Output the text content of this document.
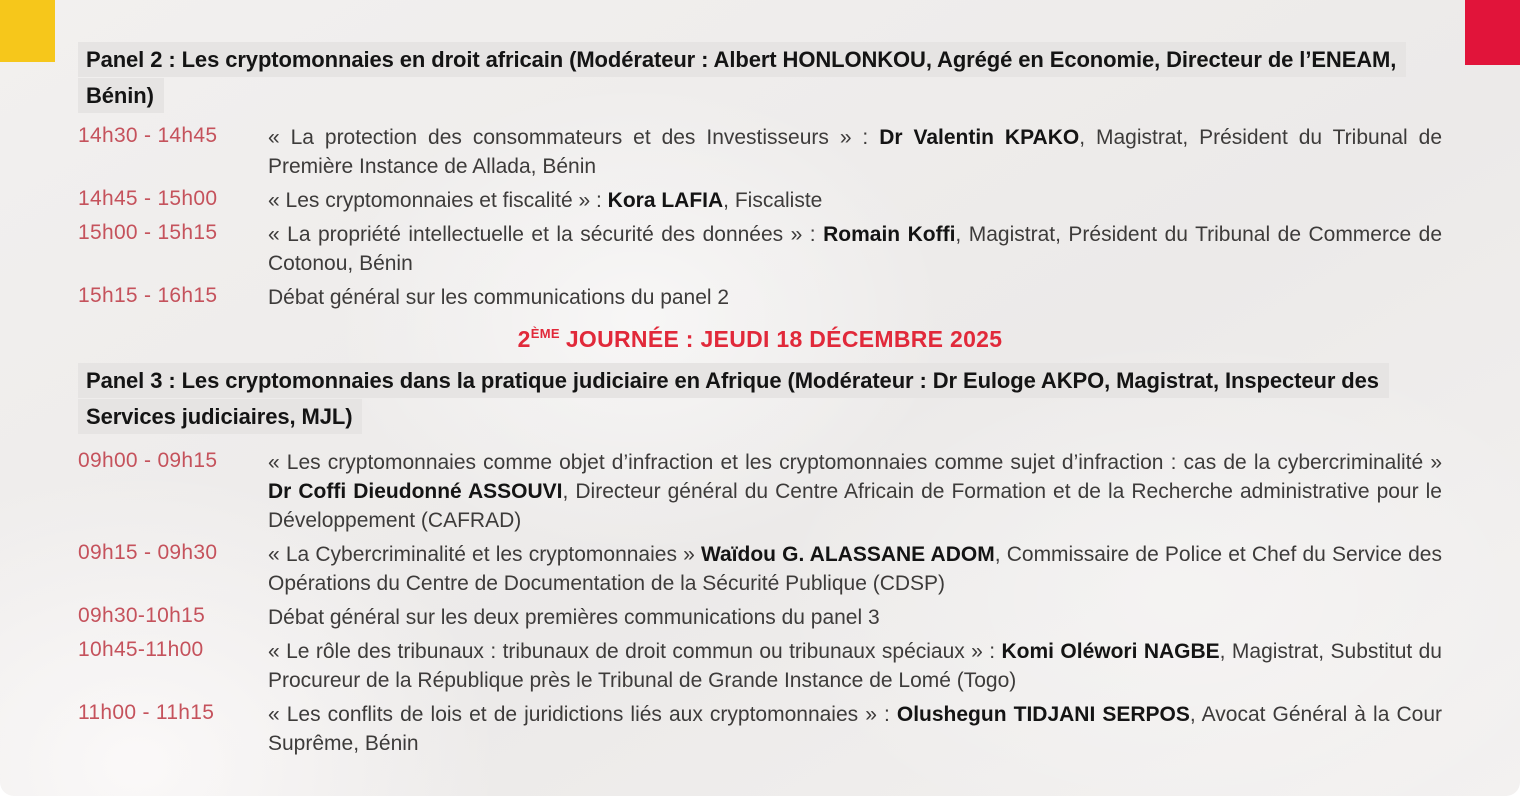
Panel 2 : Les cryptomonnaies en droit africain (Modérateur : Albert HONLONKOU, Agrégé en Economie, Directeur de l’ENEAM, Bénin)
14h30 - 14h45	« La protection des consommateurs et des Investisseurs » : Dr Valentin KPAKO, Magistrat, Président du Tribunal de Première Instance de Allada, Bénin
14h45 - 15h00	« Les cryptomonnaies et fiscalité » : Kora LAFIA, Fiscaliste
15h00 - 15h15	« La propriété intellectuelle et la sécurité des données » : Romain Koffi, Magistrat, Président du Tribunal de Commerce de Cotonou, Bénin
15h15 - 16h15	Débat général sur les communications du panel 2
2ÈME JOURNÉE : JEUDI 18 DÉCEMBRE 2025
Panel 3 : Les cryptomonnaies dans la pratique judiciaire en Afrique (Modérateur : Dr Euloge AKPO, Magistrat, Inspecteur des Services judiciaires, MJL)
09h00 - 09h15	« Les cryptomonnaies comme objet d’infraction et les cryptomonnaies comme sujet d’infraction : cas de la cybercriminalité » Dr Coffi Dieudonné ASSOUVI, Directeur général du Centre Africain de Formation et de la Recherche administrative pour le Développement (CAFRAD)
09h15 - 09h30	« La Cybercriminalité et les cryptomonnaies » Waïdou G. ALASSANE ADOM, Commissaire de Police et Chef du Service des Opérations du Centre de Documentation de la Sécurité Publique (CDSP)
09h30-10h15	Débat général sur les deux premières communications du panel 3
10h45-11h00	« Le rôle des tribunaux : tribunaux de droit commun ou tribunaux spéciaux » : Komi Oléwori NAGBE, Magistrat, Substitut du Procureur de la République près le Tribunal de Grande Instance de Lomé (Togo)
11h00 - 11h15	« Les conflits de lois et de juridictions liés aux cryptomonnaies » : Olushegun TIDJANI SERPOS, Avocat Général à la Cour Suprême, Bénin
